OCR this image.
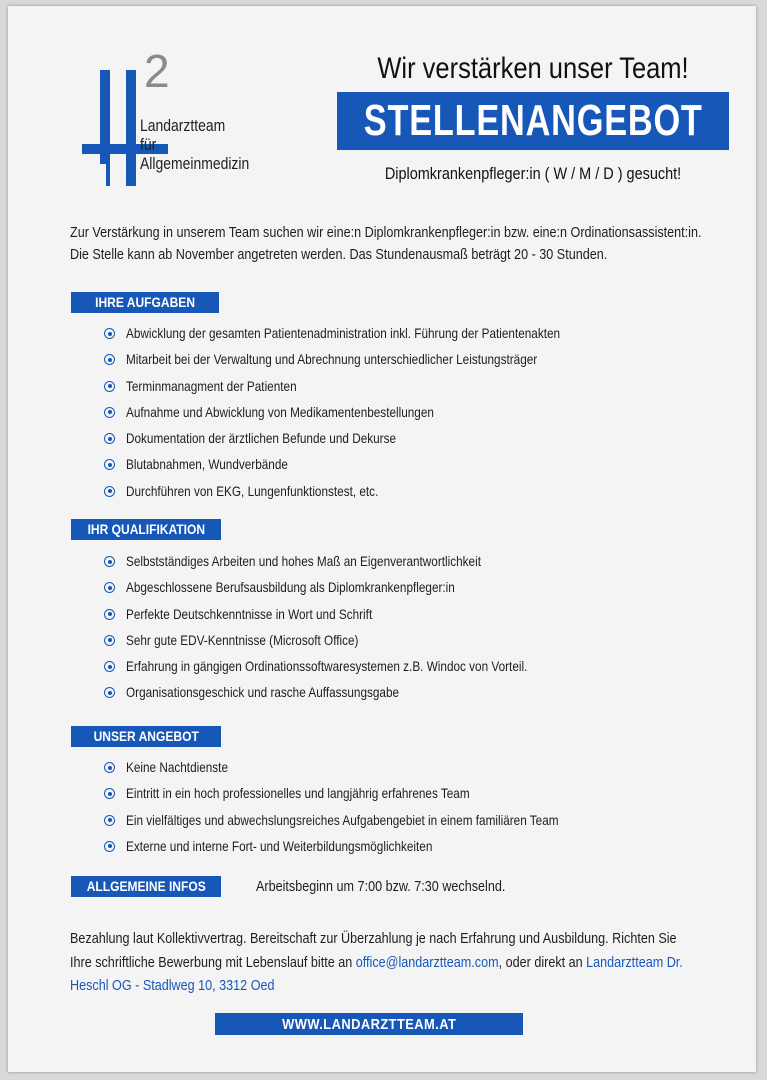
2
Landarztteam
für
Allgemeinmedizin
Wir verstärken unser Team!
STELLENANGEBOT
Diplomkrankenpfleger:in ( W / M / D ) gesucht!
Zur Verstärkung in unserem Team suchen wir eine:n Diplomkrankenpfleger:in bzw. eine:n Ordinationsassistent:in.
Die Stelle kann ab November angetreten werden. Das Stundenausmaß beträgt 20 - 30 Stunden.
IHRE AUFGABEN
Abwicklung der gesamten Patientenadministration inkl. Führung der Patientenakten
Mitarbeit bei der Verwaltung und Abrechnung unterschiedlicher Leistungsträger
Terminmanagment der Patienten
Aufnahme und Abwicklung von Medikamentenbestellungen
Dokumentation der ärztlichen Befunde und Dekurse
Blutabnahmen, Wundverbände
Durchführen von EKG, Lungenfunktionstest, etc.
IHR QUALIFIKATION
Selbstständiges Arbeiten und hohes Maß an Eigenverantwortlichkeit
Abgeschlossene Berufsausbildung als Diplomkrankenpfleger:in
Perfekte Deutschkenntnisse in Wort und Schrift
Sehr gute EDV-Kenntnisse (Microsoft Office)
Erfahrung in gängigen Ordinationssoftwaresystemen z.B. Windoc von Vorteil.
Organisationsgeschick und rasche Auffassungsgabe
UNSER ANGEBOT
Keine Nachtdienste
Eintritt in ein hoch professionelles und langjährig erfahrenes Team
Ein vielfältiges und abwechslungsreiches Aufgabengebiet in einem familiären Team
Externe und interne Fort- und Weiterbildungsmöglichkeiten
ALLGEMEINE INFOS	Arbeitsbeginn um 7:00 bzw. 7:30 wechselnd.
Bezahlung laut Kollektivvertrag. Bereitschaft zur Überzahlung je nach Erfahrung und Ausbildung. Richten Sie
Ihre schriftliche Bewerbung mit Lebenslauf bitte an office@landarztteam.com, oder direkt an Landarztteam Dr.
Heschl OG - Stadlweg 10, 3312 Oed
WWW.LANDARZTTEAM.AT
